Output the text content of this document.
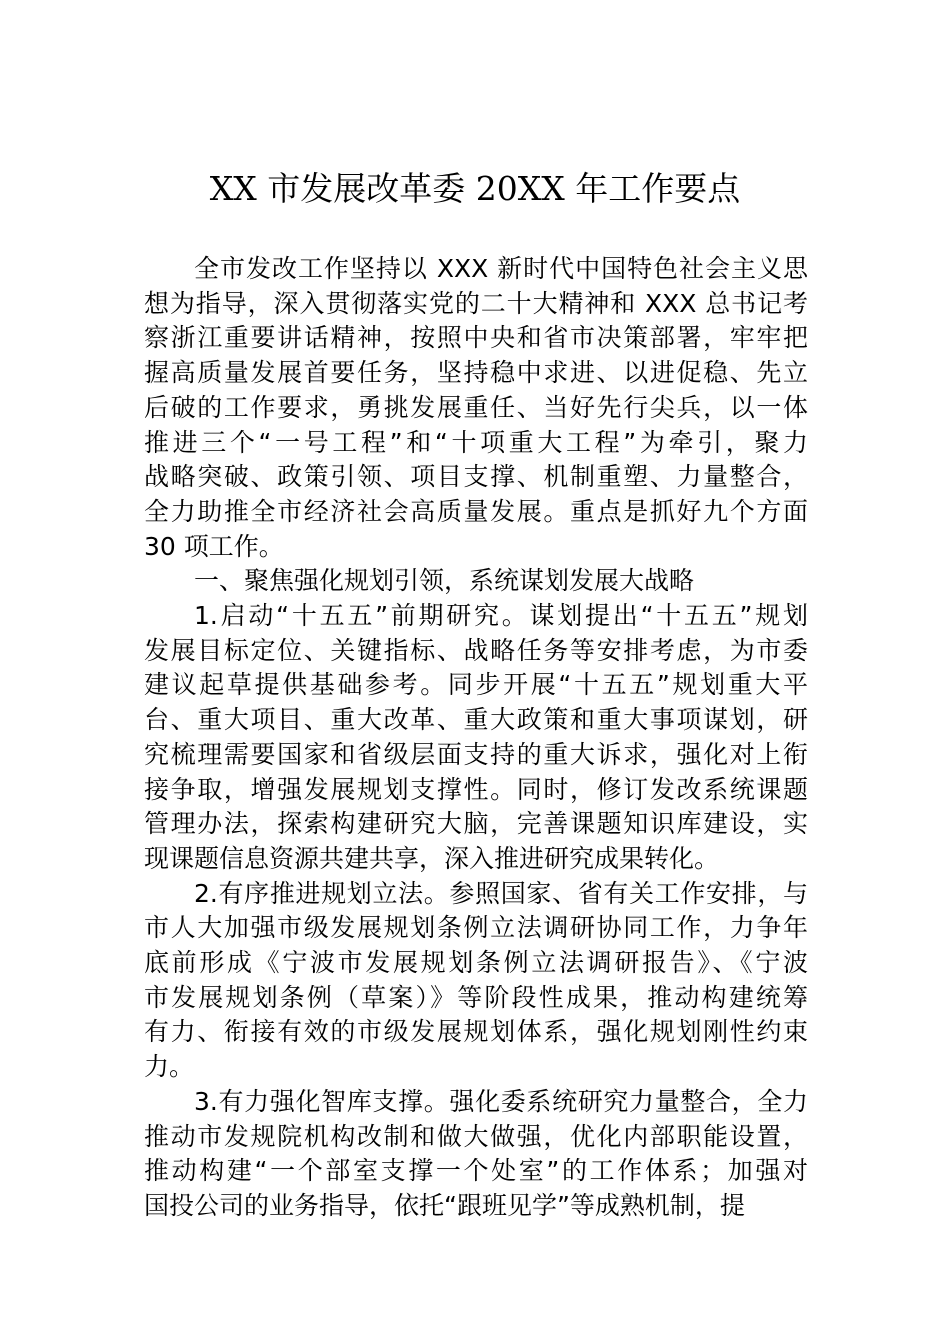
XX 市发展改革委 20XX 年工作要点
全市发改工作坚持以 XXX 新时代中国特色社会主义思
想为指导，深入贯彻落实党的二十大精神和 XXX 总书记考
察浙江重要讲话精神，按照中央和省市决策部署，牢牢把
握高质量发展首要任务，坚持稳中求进、以进促稳、先立
后破的工作要求，勇挑发展重任、当好先行尖兵，以一体
推进三个“一号工程”和“十项重大工程”为牵引，聚力
战略突破、政策引领、项目支撑、机制重塑、力量整合，
全力助推全市经济社会高质量发展。重点是抓好九个方面
30 项工作。
一、聚焦强化规划引领，系统谋划发展大战略
1.启动“十五五”前期研究。谋划提出“十五五”规划
发展目标定位、关键指标、战略任务等安排考虑，为市委
建议起草提供基础参考。同步开展“十五五”规划重大平
台、重大项目、重大改革、重大政策和重大事项谋划，研
究梳理需要国家和省级层面支持的重大诉求，强化对上衔
接争取，增强发展规划支撑性。同时，修订发改系统课题
管理办法，探索构建研究大脑，完善课题知识库建设，实
现课题信息资源共建共享，深入推进研究成果转化。
2.有序推进规划立法。参照国家、省有关工作安排，与
市人大加强市级发展规划条例立法调研协同工作，力争年
底前形成《宁波市发展规划条例立法调研报告》、《宁波
市发展规划条例（草案）》等阶段性成果，推动构建统筹
有力、衔接有效的市级发展规划体系，强化规划刚性约束
力。
3.有力强化智库支撑。强化委系统研究力量整合，全力
推动市发规院机构改制和做大做强，优化内部职能设置，
推动构建“一个部室支撑一个处室”的工作体系；加强对
国投公司的业务指导，依托“跟班见学”等成熟机制，提
